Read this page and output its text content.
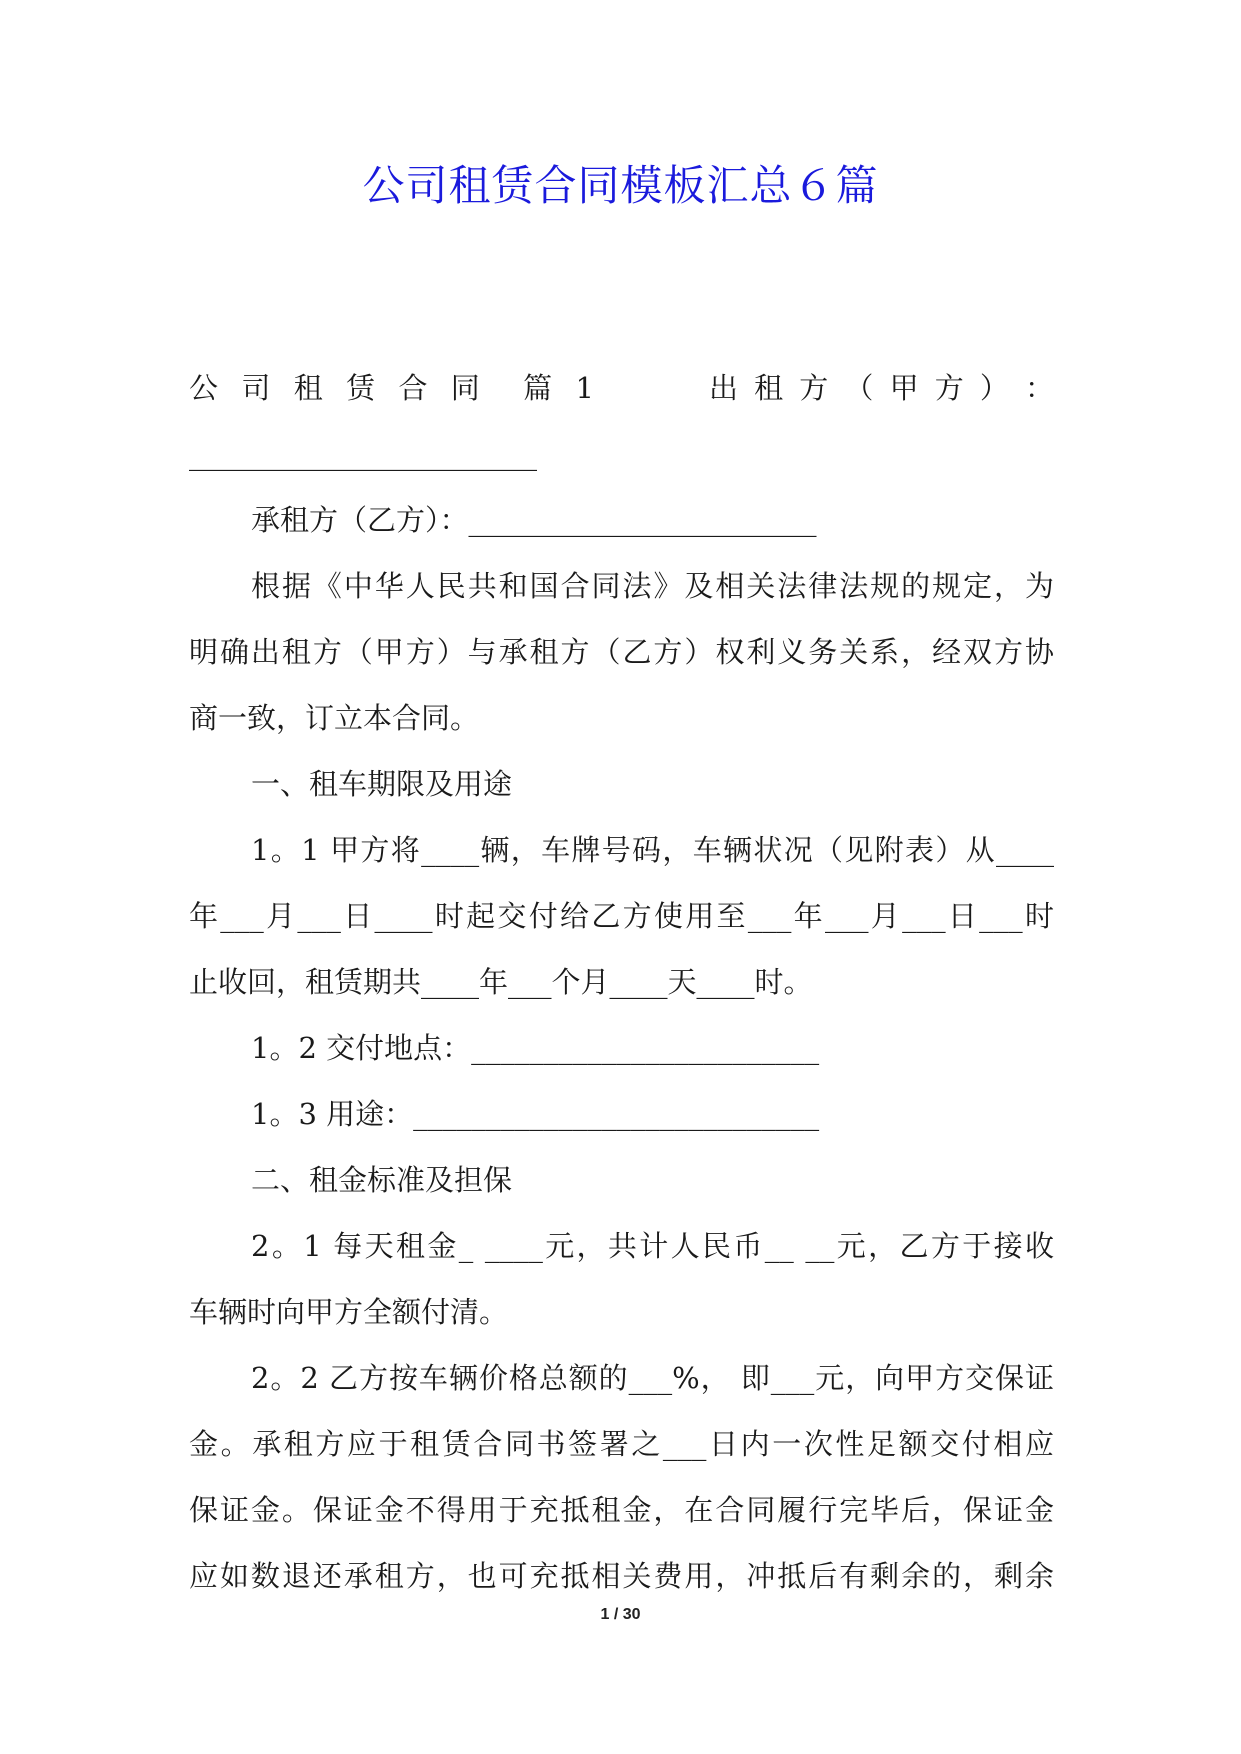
公司租赁合同模板汇总６篇
公 司 租 赁 合 同 篇 1	出 租 方 （ 甲 方 ） ：
________________________
承租方（乙方）：________________________
根据《中华人民共和国合同法》及相关法律法规的规定，为
明确出租方（甲方）与承租方（乙方）权利义务关系，经双方协
商一致，订立本合同。
一、租车期限及用途
1。1 甲方将____辆，车牌号码，车辆状况（见附表）从____
年___月___日____时起交付给乙方使用至___年___月___日___时
止收回，租赁期共____年___个月____天____时。
1。2 交付地点：________________________
1。3 用途：____________________________
二、租金标准及担保
2。1 每天租金_ ____元，共计人民币__ __元，乙方于接收
车辆时向甲方全额付清。
2。2 乙方按车辆价格总额的___%， 即___元，向甲方交保证
金。承租方应于租赁合同书签署之___日内一次性足额交付相应
保证金。保证金不得用于充抵租金，在合同履行完毕后，保证金
应如数退还承租方，也可充抵相关费用，冲抵后有剩余的，剩余
1 / 30
